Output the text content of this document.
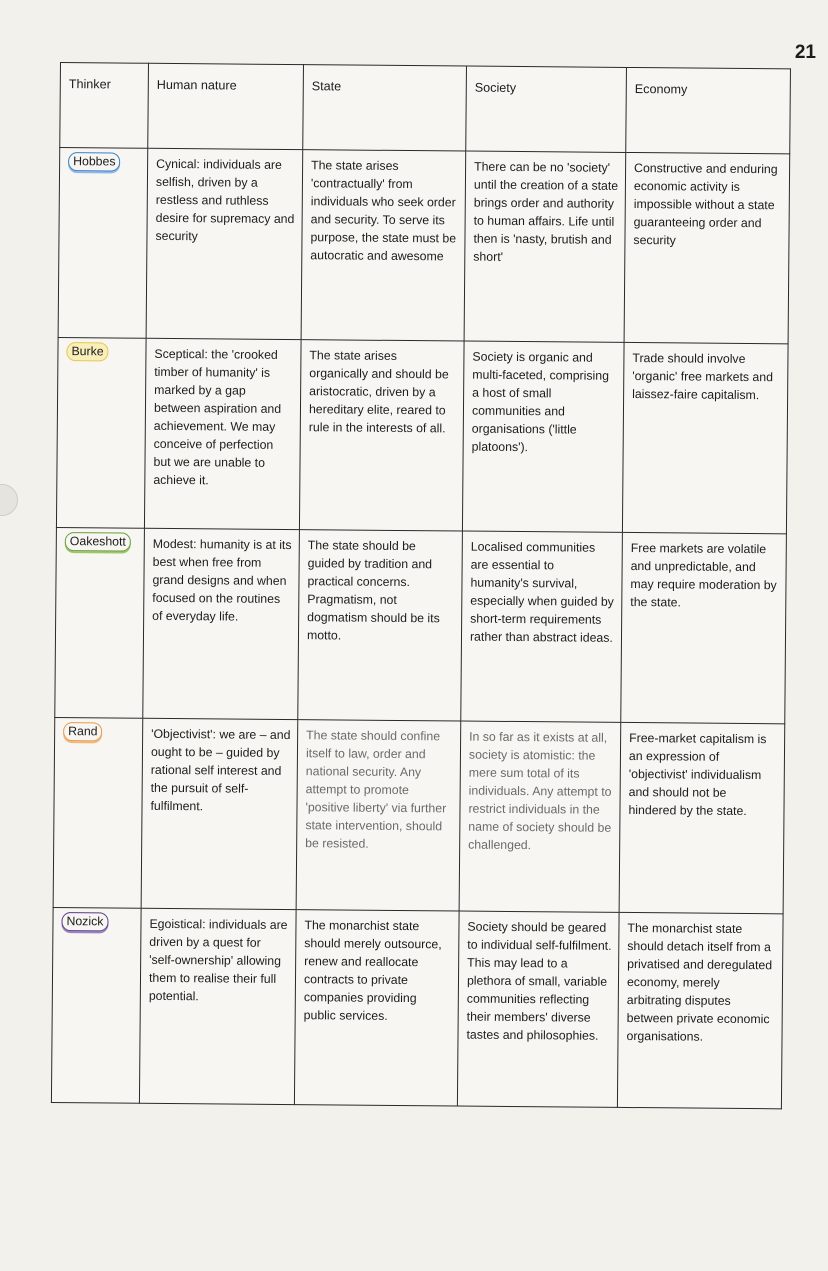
21
Thinker	Human nature	State	Society	Economy
Hobbes	Cynical: individuals are selfish, driven by a restless and ruthless desire for supremacy and security	The state arises 'contractually' from individuals who seek order and security. To serve its purpose, the state must be autocratic and awesome	There can be no 'society' until the creation of a state brings order and authority to human affairs. Life until then is 'nasty, brutish and short'	Constructive and enduring economic activity is impossible without a state guaranteeing order and security

Burke	Sceptical: the 'crooked timber of humanity' is marked by a gap between aspiration and achievement. We may conceive of perfection but we are unable to achieve it.	The state arises organically and should be aristocratic, driven by a hereditary elite, reared to rule in the interests of all.	Society is organic and multi-faceted, comprising a host of small communities and organisations ('little platoons').	Trade should involve 'organic' free markets and laissez-faire capitalism.

Oakeshott	Modest: humanity is at its best when free from grand designs and when focused on the routines of everyday life.	The state should be guided by tradition and practical concerns. Pragmatism, not dogmatism should be its motto.	Localised communities are essential to humanity's survival, especially when guided by short-term requirements rather than abstract ideas.	Free markets are volatile and unpredictable, and may require moderation by the state.

Rand	'Objectivist': we are – and ought to be – guided by rational self interest and the pursuit of self-fulfilment.	The state should confine itself to law, order and national security. Any attempt to promote 'positive liberty' via further state intervention, should be resisted.	In so far as it exists at all, society is atomistic: the mere sum total of its individuals. Any attempt to restrict individuals in the name of society should be challenged.	Free-market capitalism is an expression of 'objectivist' individualism and should not be hindered by the state.

Nozick	Egoistical: individuals are driven by a quest for 'self-ownership' allowing them to realise their full potential.	The monarchist state should merely outsource, renew and reallocate contracts to private companies providing public services.	Society should be geared to individual self-fulfilment. This may lead to a plethora of small, variable communities reflecting their members' diverse tastes and philosophies.	The monarchist state should detach itself from a privatised and deregulated economy, merely arbitrating disputes between private economic organisations.
